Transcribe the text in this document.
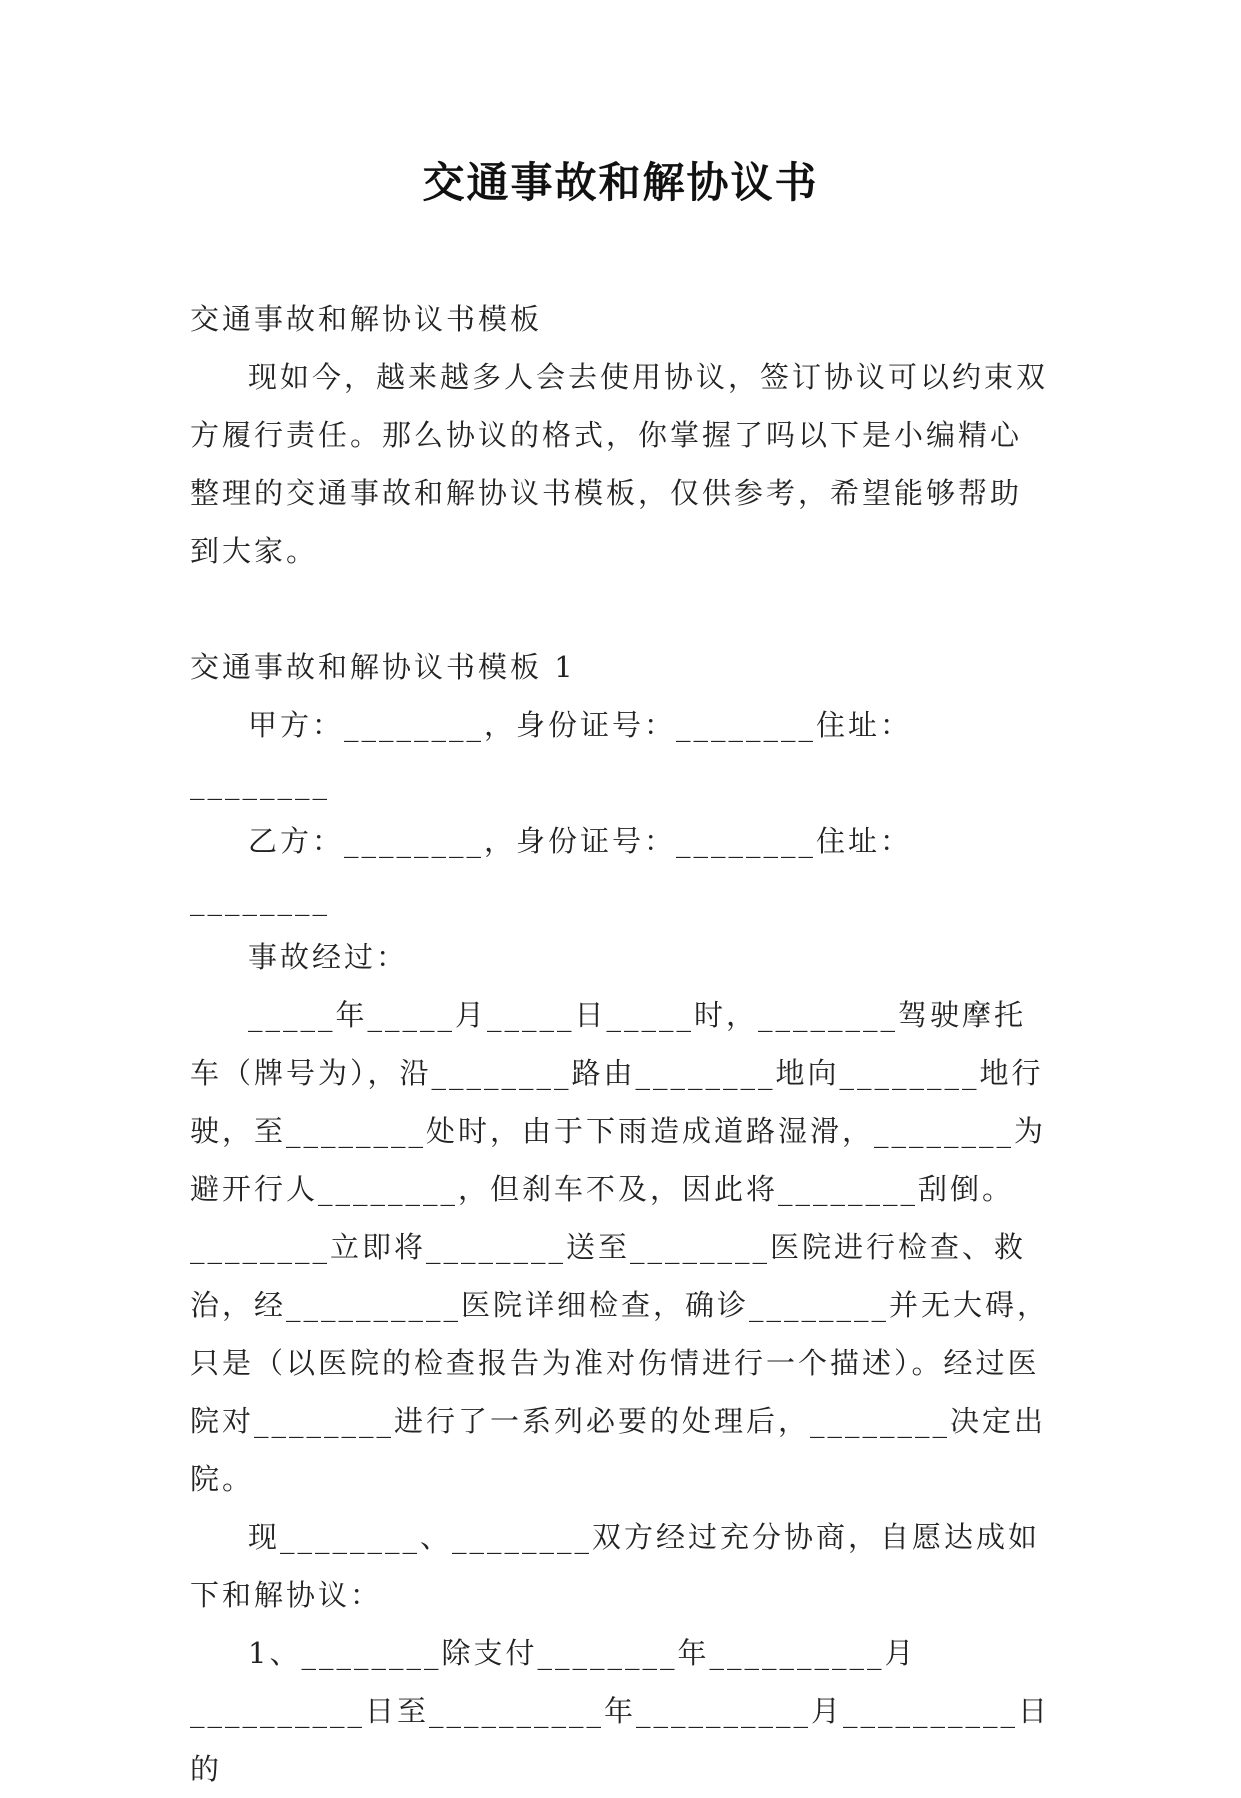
交通事故和解协议书

交通事故和解协议书模板

现如今，越来越多人会去使用协议，签订协议可以约束双方履行责任。那么协议的格式，你掌握了吗以下是小编精心整理的交通事故和解协议书模板，仅供参考，希望能够帮助到大家。

交通事故和解协议书模板 1

甲方：________，身份证号：________住址：________

乙方：________，身份证号：________住址：________

事故经过：

_____年_____月_____日_____时，________驾驶摩托车（牌号为），沿________路由________地向________地行驶，至________处时，由于下雨造成道路湿滑，________为避开行人________，但刹车不及，因此将________刮倒。________立即将________送至________医院进行检查、救治，经__________医院详细检查，确诊________并无大碍，只是（以医院的检查报告为准对伤情进行一个描述）。经过医院对________进行了一系列必要的处理后，________决定出院。

现________、________双方经过充分协商，自愿达成如下和解协议：

1、________除支付________年__________月__________日至__________年__________月__________日的
